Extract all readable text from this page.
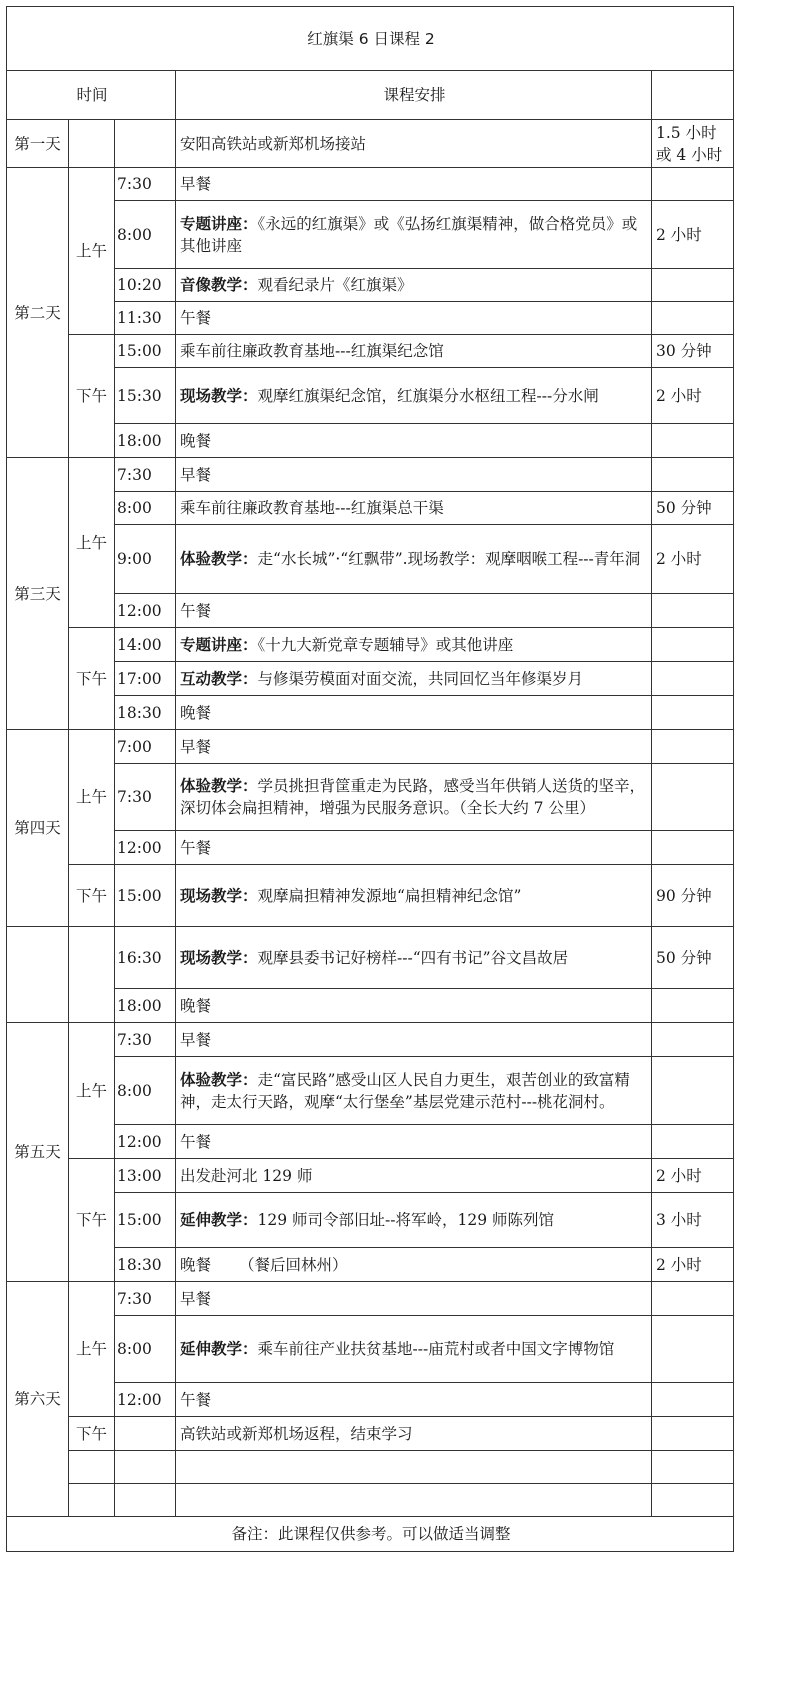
红旗渠 6 日课程 2				
时间			课程安排	
第一天			安阳高铁站或新郑机场接站	1.5 小时或 4 小时
第二天	上午	7:30	早餐	
		8:00	专题讲座：《永远的红旗渠》或《弘扬红旗渠精神，做合格党员》或其他讲座	2 小时
		10:20	音像教学：观看纪录片《红旗渠》	
		11:30	午餐	
	下午	15:00	乘车前往廉政教育基地---红旗渠纪念馆	30 分钟
		15:30	现场教学：观摩红旗渠纪念馆，红旗渠分水枢纽工程---分水闸	2 小时
		18:00	晚餐	
第三天	上午	7:30	早餐	
		8:00	乘车前往廉政教育基地---红旗渠总干渠	50 分钟
		9:00	体验教学：走“水长城”·“红飘带”.现场教学：观摩咽喉工程---青年洞	2 小时
		12:00	午餐	
	下午	14:00	专题讲座：《十九大新党章专题辅导》或其他讲座	
		17:00	互动教学：与修渠劳模面对面交流，共同回忆当年修渠岁月	
		18:30	晚餐	
第四天	上午	7:00	早餐	
		7:30	体验教学：学员挑担背筐重走为民路，感受当年供销人送货的坚辛，深切体会扁担精神，增强为民服务意识。（全长大约 7 公里）	
		12:00	午餐	
	下午	15:00	现场教学：观摩扁担精神发源地“扁担精神纪念馆”	90 分钟
		16:30	现场教学：观摩县委书记好榜样---“四有书记”谷文昌故居	50 分钟
		18:00	晚餐	
第五天	上午	7:30	早餐	
		8:00	体验教学：走“富民路”感受山区人民自力更生，艰苦创业的致富精神，走太行天路，观摩“太行堡垒”基层党建示范村---桃花洞村。	
		12:00	午餐	
	下午	13:00	出发赴河北 129 师	2 小时
		15:00	延伸教学：129 师司令部旧址--将军岭，129 师陈列馆	3 小时
		18:30	晚餐 （餐后回林州）	2 小时
第六天	上午	7:30	早餐	
		8:00	延伸教学：乘车前往产业扶贫基地---庙荒村或者中国文字博物馆	
		12:00	午餐	
	下午		高铁站或新郑机场返程，结束学习	

备注：此课程仅供参考。可以做适当调整				
